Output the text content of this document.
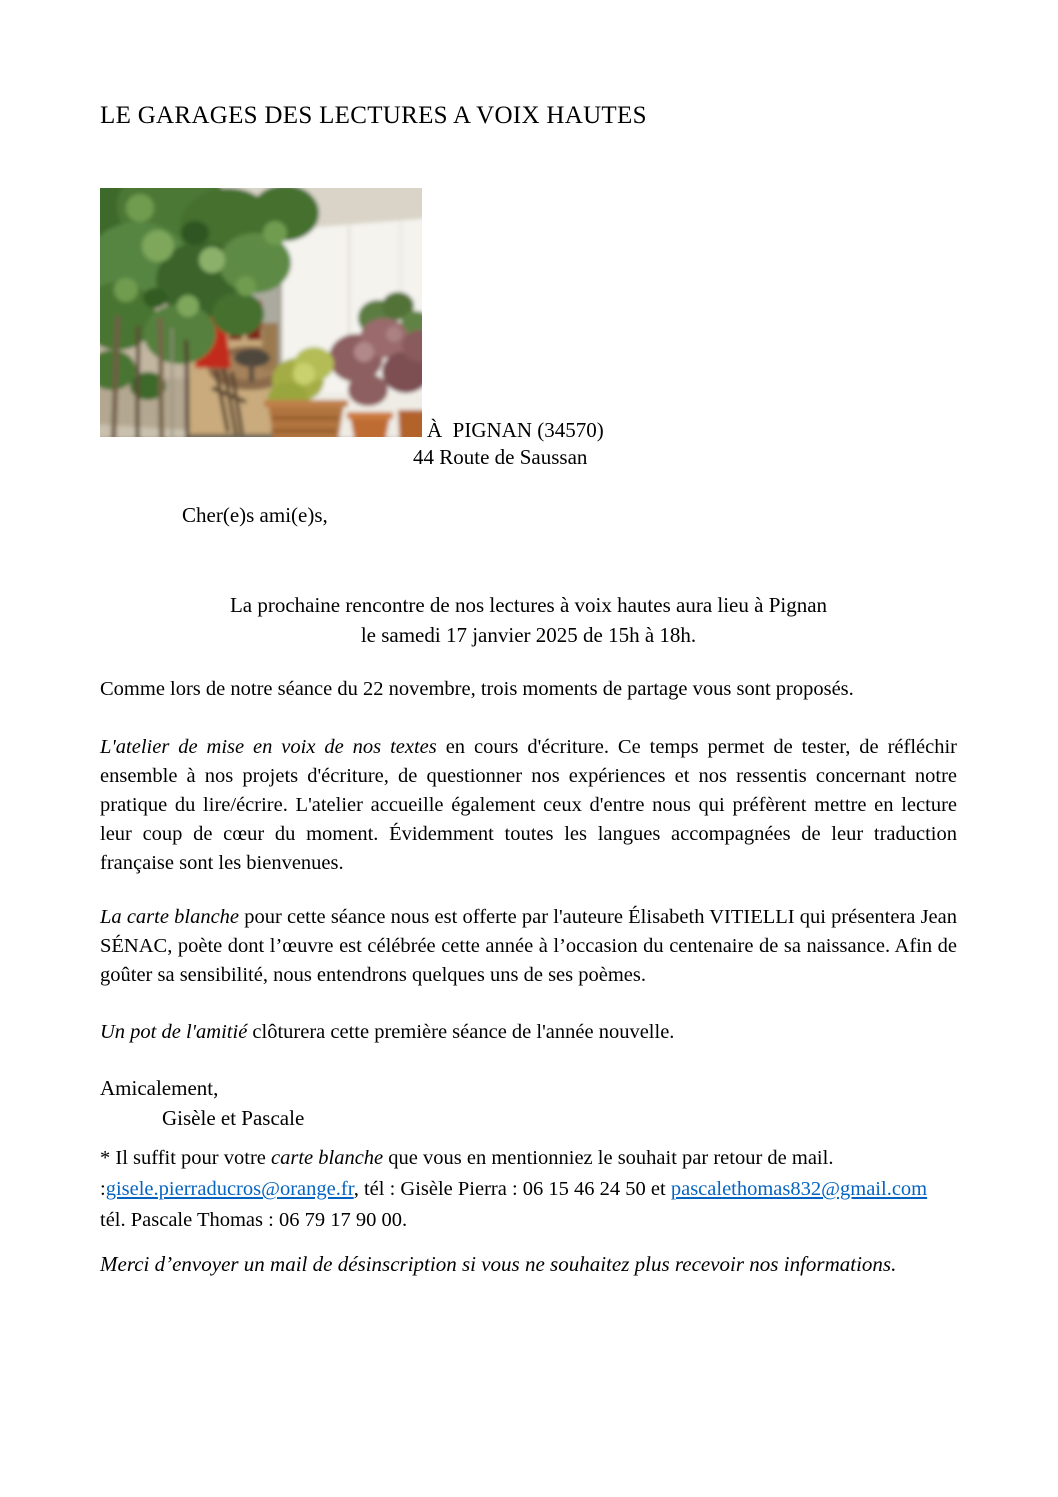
LE GARAGES DES LECTURES A VOIX HAUTES
À  PIGNAN (34570)
44 Route de Saussan
Cher(e)s ami(e)s,
La prochaine rencontre de nos lectures à voix hautes aura lieu à Pignan
le samedi 17 janvier 2025 de 15h à 18h.

Comme lors de notre séance du 22 novembre, trois moments de partage vous sont proposés.

L'atelier de mise en voix de nos textes en cours d'écriture. Ce temps permet de tester, de réfléchir ensemble à nos projets d'écriture, de questionner nos expériences et nos ressentis concernant notre pratique du lire/écrire. L'atelier accueille également ceux d'entre nous qui préfèrent mettre en lecture leur coup de cœur du moment. Évidemment toutes les langues accompagnées de leur traduction française sont les bienvenues.

La carte blanche pour cette séance nous est offerte par l'auteure Élisabeth VITIELLI qui présentera Jean SÉNAC, poète dont l’œuvre est célébrée cette année à l’occasion du centenaire de sa naissance. Afin de goûter sa sensibilité, nous entendrons quelques uns de ses poèmes.

Un pot de l'amitié clôturera cette première séance de l'année nouvelle.

Amicalement,
Gisèle et Pascale

* Il suffit pour votre carte blanche que vous en mentionniez le souhait par retour de mail. :gisele.pierraducros@orange.fr, tél : Gisèle Pierra : 06 15 46 24 50 et pascalethomas832@gmail.com tél. Pascale Thomas : 06 79 17 90 00.

Merci d’envoyer un mail de désinscription si vous ne souhaitez plus recevoir nos informations.
